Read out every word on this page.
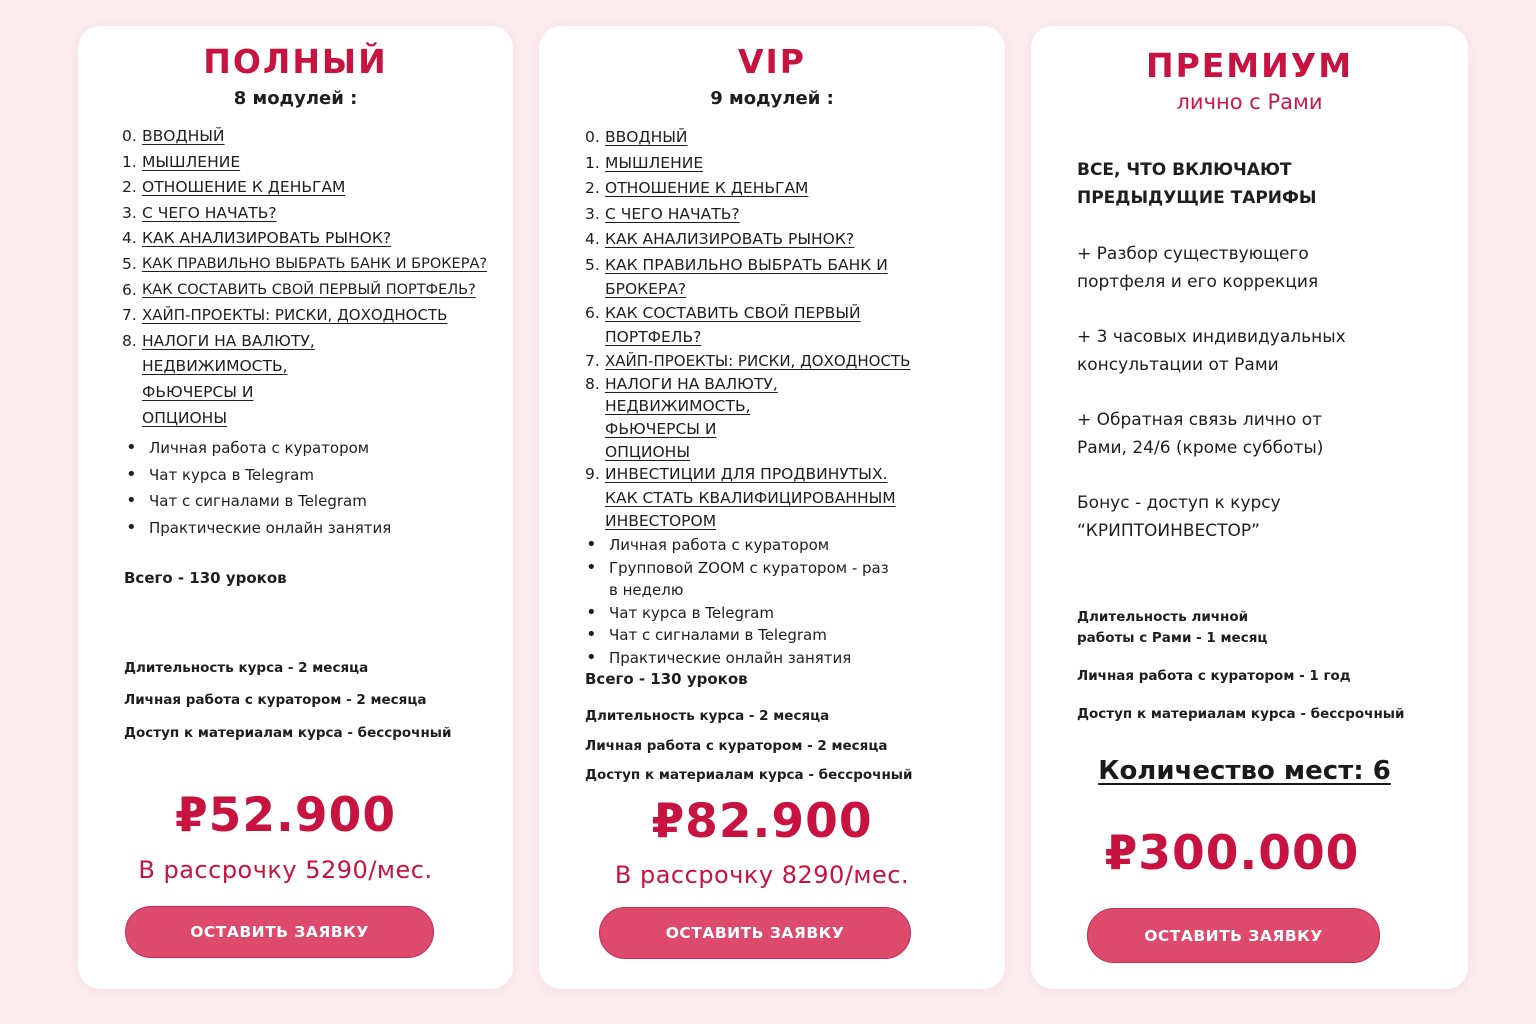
ПОЛНЫЙ
8 модулей :
0. ВВОДНЫЙ
1. МЫШЛЕНИЕ
2. ОТНОШЕНИЕ К ДЕНЬГАМ
3. С ЧЕГО НАЧАТЬ?
4. КАК АНАЛИЗИРОВАТЬ РЫНОК?
5. КАК ПРАВИЛЬНО ВЫБРАТЬ БАНК И БРОКЕРА?
6. КАК СОСТАВИТЬ СВОЙ ПЕРВЫЙ ПОРТФЕЛЬ?
7. ХАЙП-ПРОЕКТЫ: РИСКИ, ДОХОДНОСТЬ
8. НАЛОГИ НА ВАЛЮТУ, НЕДВИЖИМОСТЬ, ФЬЮЧЕРСЫ И ОПЦИОНЫ
• Личная работа с куратором
• Чат курса в Telegram
• Чат с сигналами в Telegram
• Практические онлайн занятия
Всего - 130 уроков
Длительность курса - 2 месяца
Личная работа с куратором - 2 месяца
Доступ к материалам курса - бессрочный
₽52.900
В рассрочку 5290/мес.
ОСТАВИТЬ ЗАЯВКУ
VIP
9 модулей :
0. ВВОДНЫЙ
1. МЫШЛЕНИЕ
2. ОТНОШЕНИЕ К ДЕНЬГАМ
3. С ЧЕГО НАЧАТЬ?
4. КАК АНАЛИЗИРОВАТЬ РЫНОК?
5. КАК ПРАВИЛЬНО ВЫБРАТЬ БАНК И БРОКЕРА?
6. КАК СОСТАВИТЬ СВОЙ ПЕРВЫЙ ПОРТФЕЛЬ?
7. ХАЙП-ПРОЕКТЫ: РИСКИ, ДОХОДНОСТЬ
8. НАЛОГИ НА ВАЛЮТУ, НЕДВИЖИМОСТЬ, ФЬЮЧЕРСЫ И ОПЦИОНЫ
9. ИНВЕСТИЦИИ ДЛЯ ПРОДВИНУТЫХ. КАК СТАТЬ КВАЛИФИЦИРОВАННЫМ ИНВЕСТОРОМ
• Личная работа с куратором
• Групповой ZOOM с куратором - раз в неделю
• Чат курса в Telegram
• Чат с сигналами в Telegram
• Практические онлайн занятия
Всего - 130 уроков
Длительность курса - 2 месяца
Личная работа с куратором - 2 месяца
Доступ к материалам курса - бессрочный
₽82.900
В рассрочку 8290/мес.
ОСТАВИТЬ ЗАЯВКУ
ПРЕМИУМ
лично с Рами
ВСЕ, ЧТО ВКЛЮЧАЮТ ПРЕДЫДУЩИЕ ТАРИФЫ
+ Разбор существующего портфеля и его коррекция
+ 3 часовых индивидуальных консультации от Рами
+ Обратная связь лично от Рами, 24/6 (кроме субботы)
Бонус - доступ к курсу “КРИПТОИНВЕСТОР”
Длительность личной работы с Рами - 1 месяц
Личная работа с куратором - 1 год
Доступ к материалам курса - бессрочный
Количество мест: 6
₽300.000
ОСТАВИТЬ ЗАЯВКУ
